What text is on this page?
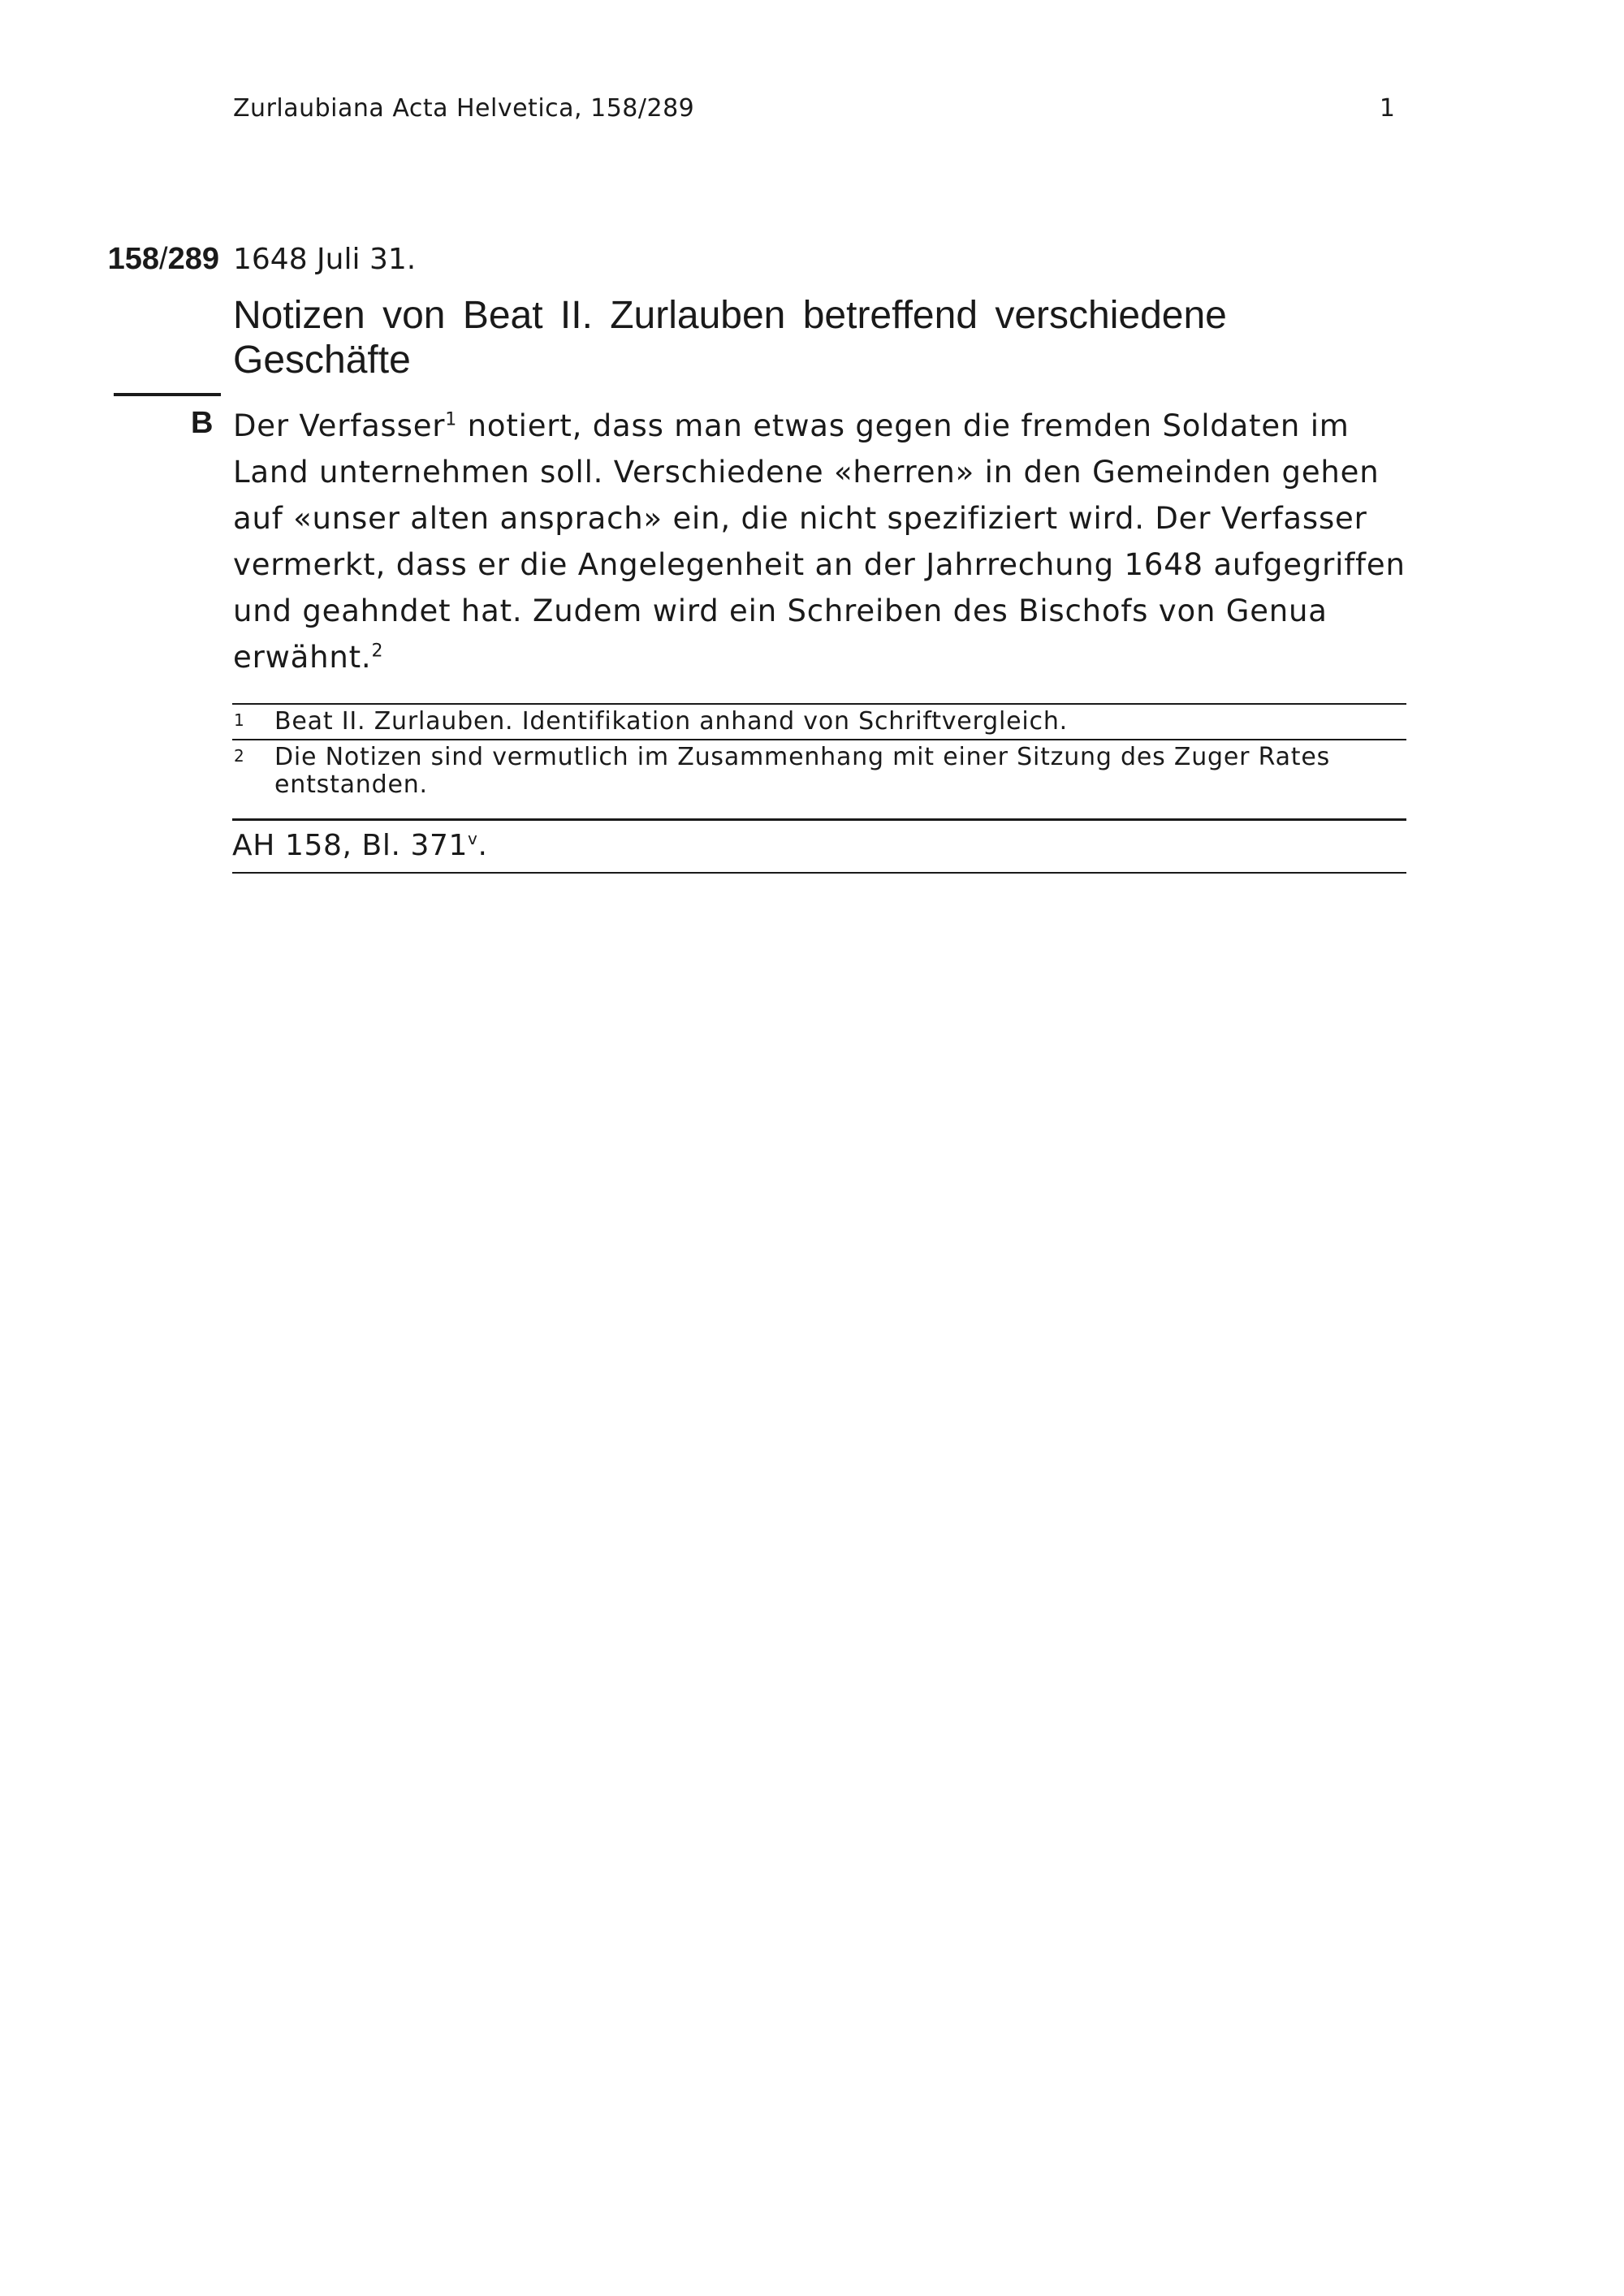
Zurlaubiana Acta Helvetica, 158/289	1
158/289 1648 Juli 31.
Notizen von Beat II. Zurlauben betreffend verschiedene Geschäfte
B Der Verfasser$^1$ notiert, dass man etwas gegen die fremden Soldaten im Land unternehmen soll. Verschiedene «herren» in den Gemeinden gehen auf «unser alten ansprach» ein, die nicht spezifiziert wird. Der Verfasser vermerkt, dass er die Angelegenheit an der Jahrrechung 1648 aufgegriffen und geahndet hat. Zudem wird ein Schreiben des Bischofs von Genua erwähnt.$^2$

1	Beat II. Zurlauben. Identifikation anhand von Schriftvergleich.
2	Die Notizen sind vermutlich im Zusammenhang mit einer Sitzung des Zuger Rates entstanden.
AH 158, Bl. 371$^v$.
